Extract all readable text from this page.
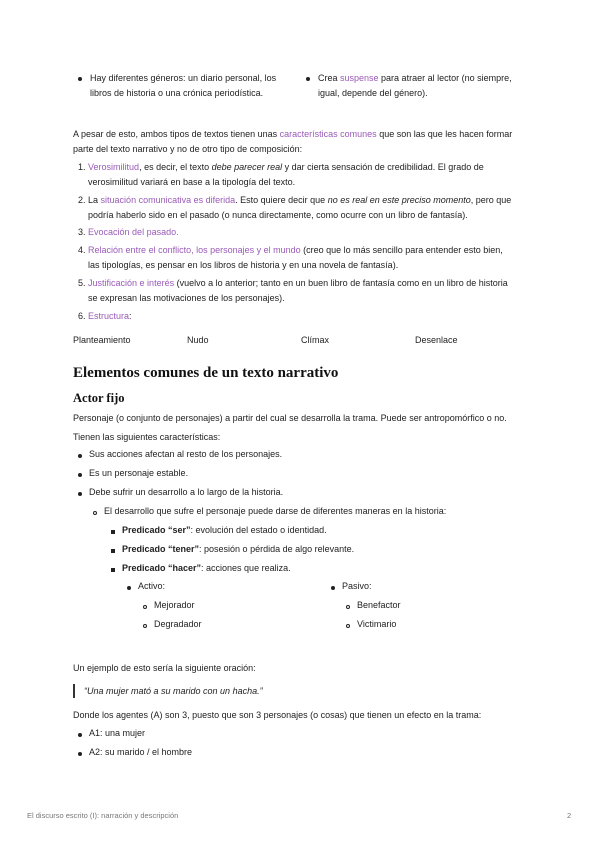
Hay diferentes géneros: un diario personal, los

libros de historia o una crónica periodística.

Crea suspense para atraer al lector (no siempre,

igual, depende del género).

A pesar de esto, ambos tipos de textos tienen unas características comunes que son las que les hacen formar

parte del texto narrativo y no de otro tipo de composición:

1. Verosimilitud, es decir, el texto debe parecer real y dar cierta sensación de credibilidad. El grado de

verosimilitud variará en base a la tipología del texto.

2. La situación comunicativa es diferida. Esto quiere decir que no es real en este preciso momento, pero que

podría haberlo sido en el pasado (o nunca directamente, como ocurre con un libro de fantasía).

3. Evocación del pasado.

4. Relación entre el conflicto, los personajes y el mundo (creo que lo más sencillo para entender esto bien,

las tipologías, es pensar en los libros de historia y en una novela de fantasía).

5. Justificación e interés (vuelvo a lo anterior; tanto en un buen libro de fantasía como en un libro de historia

se expresan las motivaciones de los personajes).

6. Estructura:

Planteamiento	Nudo	Clímax	Desenlace

Elementos comunes de un texto narrativo
Actor fijo

Personaje (o conjunto de personajes) a partir del cual se desarrolla la trama. Puede ser antropomórfico o no.

Tienen las siguientes características:

Sus acciones afectan al resto de los personajes.

Es un personaje estable.

Debe sufrir un desarrollo a lo largo de la historia.

El desarrollo que sufre el personaje puede darse de diferentes maneras en la historia:

Predicado “ser”: evolución del estado o identidad.

Predicado “tener”: posesión o pérdida de algo relevante.

Predicado “hacer”: acciones que realiza.

Activo:

Mejorador

Degradador

Pasivo:

Benefactor

Victimario

Un ejemplo de esto sería la siguiente oración:

“Una mujer mató a su marido con un hacha.”

Donde los agentes (A) son 3, puesto que son 3 personajes (o cosas) que tienen un efecto en la trama:

A1: una mujer

A2: su marido / el hombre

El discurso escrito (I): narración y descripción	2
